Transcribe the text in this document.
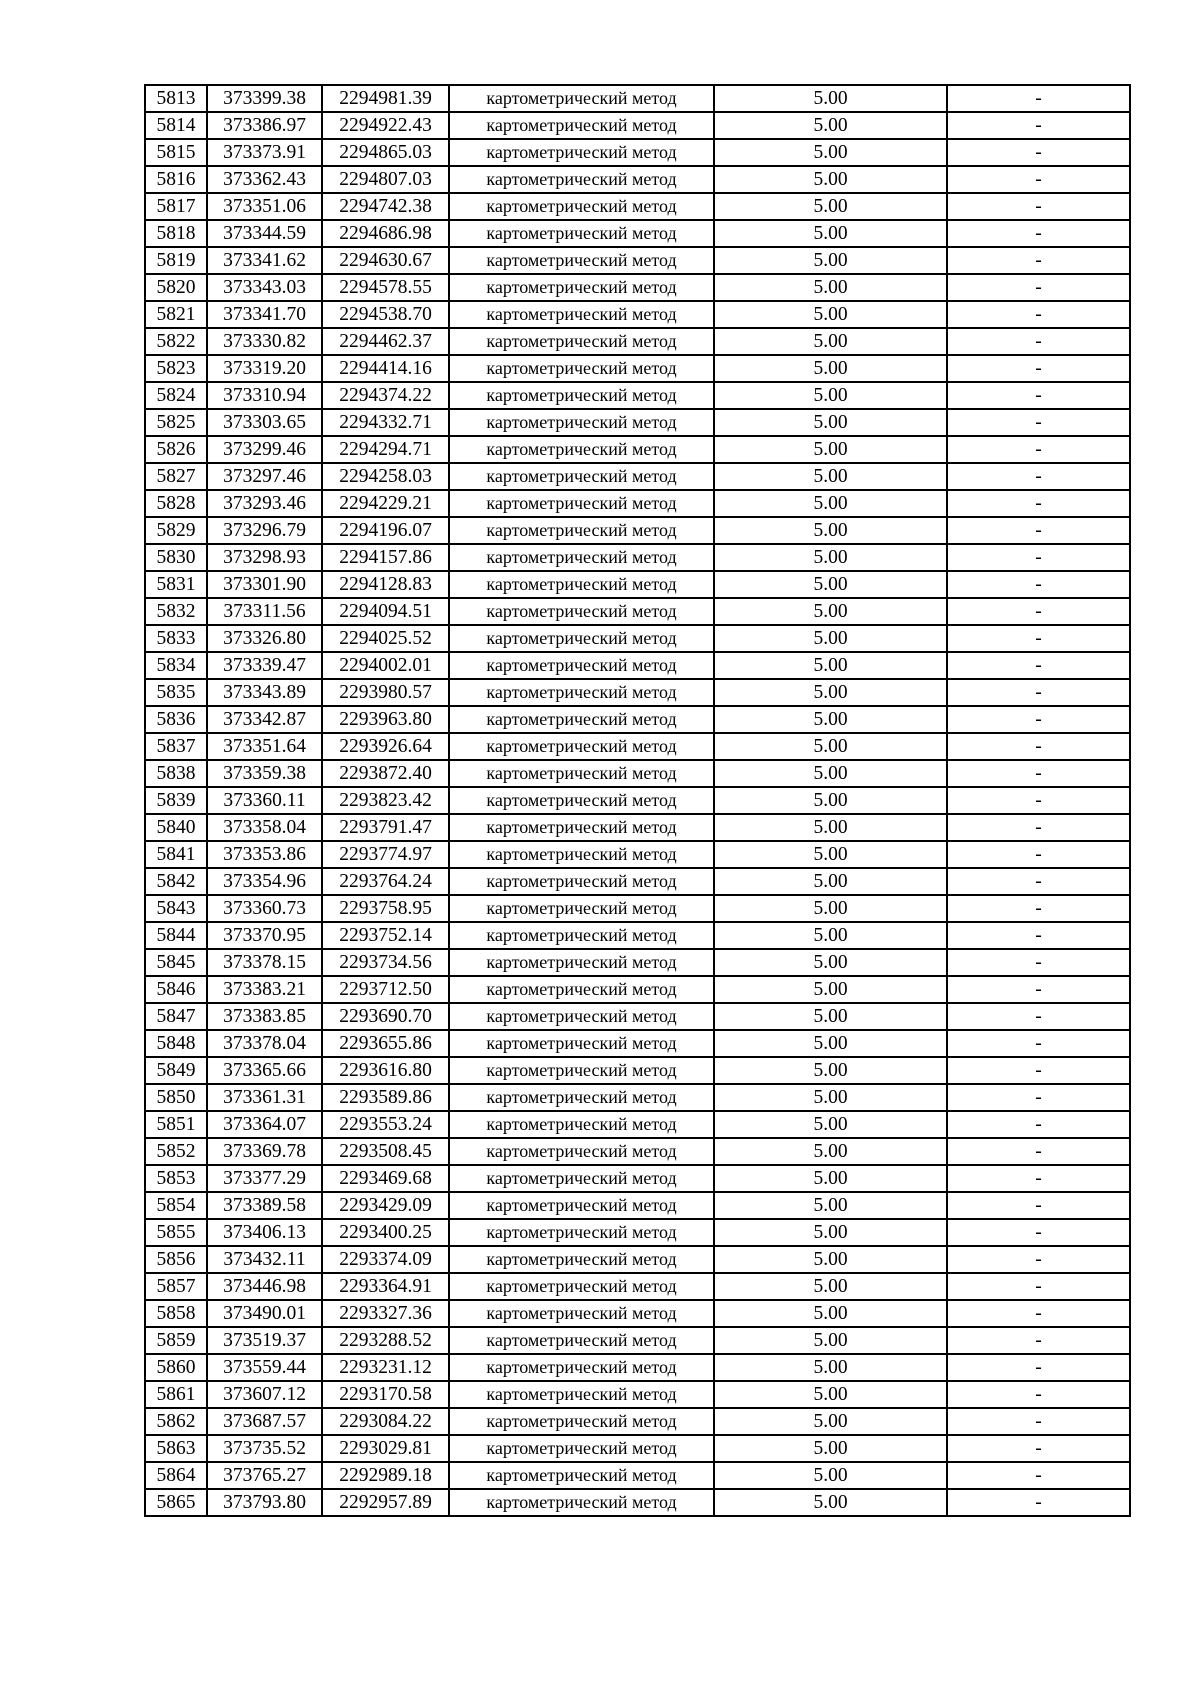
5813	373399.38	2294981.39	картометрический метод	5.00	-
5814	373386.97	2294922.43	картометрический метод	5.00	-
5815	373373.91	2294865.03	картометрический метод	5.00	-
5816	373362.43	2294807.03	картометрический метод	5.00	-
5817	373351.06	2294742.38	картометрический метод	5.00	-
5818	373344.59	2294686.98	картометрический метод	5.00	-
5819	373341.62	2294630.67	картометрический метод	5.00	-
5820	373343.03	2294578.55	картометрический метод	5.00	-
5821	373341.70	2294538.70	картометрический метод	5.00	-
5822	373330.82	2294462.37	картометрический метод	5.00	-
5823	373319.20	2294414.16	картометрический метод	5.00	-
5824	373310.94	2294374.22	картометрический метод	5.00	-
5825	373303.65	2294332.71	картометрический метод	5.00	-
5826	373299.46	2294294.71	картометрический метод	5.00	-
5827	373297.46	2294258.03	картометрический метод	5.00	-
5828	373293.46	2294229.21	картометрический метод	5.00	-
5829	373296.79	2294196.07	картометрический метод	5.00	-
5830	373298.93	2294157.86	картометрический метод	5.00	-
5831	373301.90	2294128.83	картометрический метод	5.00	-
5832	373311.56	2294094.51	картометрический метод	5.00	-
5833	373326.80	2294025.52	картометрический метод	5.00	-
5834	373339.47	2294002.01	картометрический метод	5.00	-
5835	373343.89	2293980.57	картометрический метод	5.00	-
5836	373342.87	2293963.80	картометрический метод	5.00	-
5837	373351.64	2293926.64	картометрический метод	5.00	-
5838	373359.38	2293872.40	картометрический метод	5.00	-
5839	373360.11	2293823.42	картометрический метод	5.00	-
5840	373358.04	2293791.47	картометрический метод	5.00	-
5841	373353.86	2293774.97	картометрический метод	5.00	-
5842	373354.96	2293764.24	картометрический метод	5.00	-
5843	373360.73	2293758.95	картометрический метод	5.00	-
5844	373370.95	2293752.14	картометрический метод	5.00	-
5845	373378.15	2293734.56	картометрический метод	5.00	-
5846	373383.21	2293712.50	картометрический метод	5.00	-
5847	373383.85	2293690.70	картометрический метод	5.00	-
5848	373378.04	2293655.86	картометрический метод	5.00	-
5849	373365.66	2293616.80	картометрический метод	5.00	-
5850	373361.31	2293589.86	картометрический метод	5.00	-
5851	373364.07	2293553.24	картометрический метод	5.00	-
5852	373369.78	2293508.45	картометрический метод	5.00	-
5853	373377.29	2293469.68	картометрический метод	5.00	-
5854	373389.58	2293429.09	картометрический метод	5.00	-
5855	373406.13	2293400.25	картометрический метод	5.00	-
5856	373432.11	2293374.09	картометрический метод	5.00	-
5857	373446.98	2293364.91	картометрический метод	5.00	-
5858	373490.01	2293327.36	картометрический метод	5.00	-
5859	373519.37	2293288.52	картометрический метод	5.00	-
5860	373559.44	2293231.12	картометрический метод	5.00	-
5861	373607.12	2293170.58	картометрический метод	5.00	-
5862	373687.57	2293084.22	картометрический метод	5.00	-
5863	373735.52	2293029.81	картометрический метод	5.00	-
5864	373765.27	2292989.18	картометрический метод	5.00	-
5865	373793.80	2292957.89	картометрический метод	5.00	-
